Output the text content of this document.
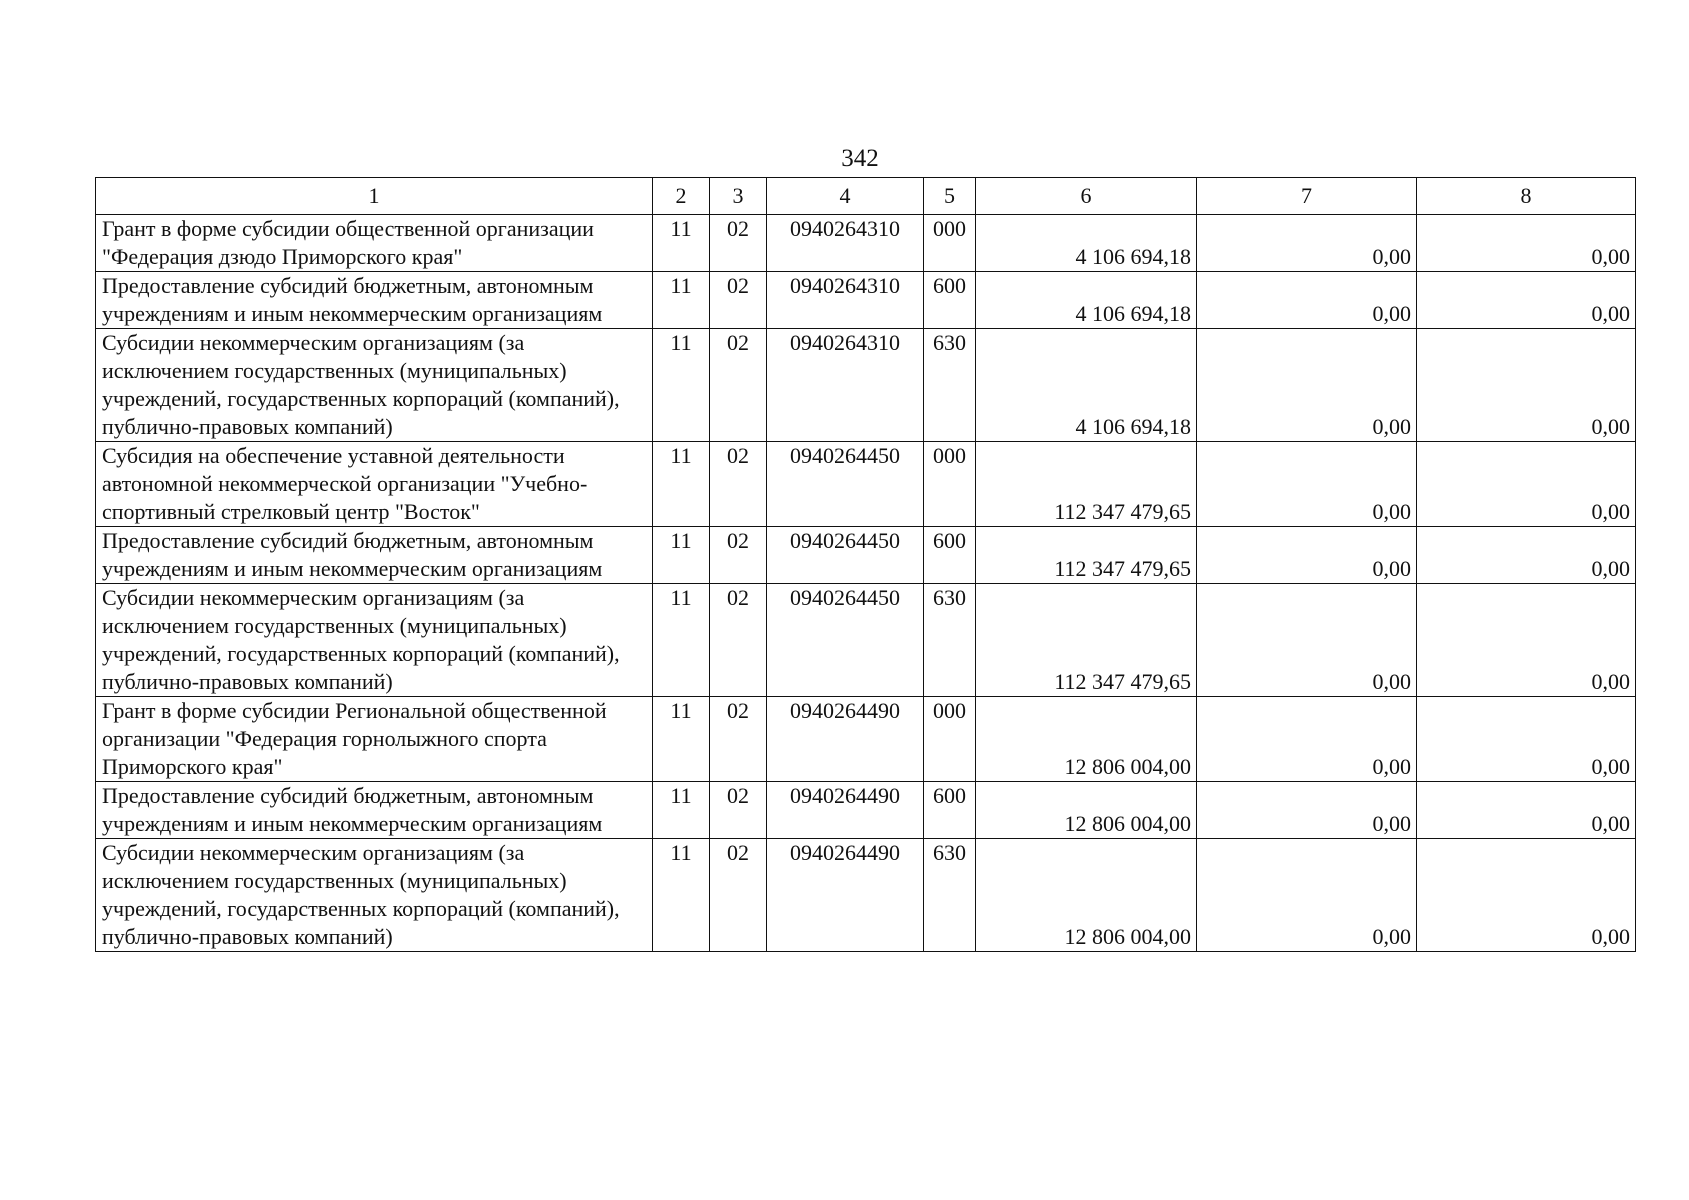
342
1	2	3	4	5	6	7	8
Грант в форме субсидии общественной организации "Федерация дзюдо Приморского края"	11	02	0940264310	000	4 106 694,18	0,00	0,00
Предоставление субсидий бюджетным, автономным учреждениям и иным некоммерческим организациям	11	02	0940264310	600	4 106 694,18	0,00	0,00
Субсидии некоммерческим организациям (за исключением государственных (муниципальных) учреждений, государственных корпораций (компаний), публично-правовых компаний)	11	02	0940264310	630	4 106 694,18	0,00	0,00
Субсидия на обеспечение уставной деятельности автономной некоммерческой организации "Учебно-спортивный стрелковый центр "Восток"	11	02	0940264450	000	112 347 479,65	0,00	0,00
Предоставление субсидий бюджетным, автономным учреждениям и иным некоммерческим организациям	11	02	0940264450	600	112 347 479,65	0,00	0,00
Субсидии некоммерческим организациям (за исключением государственных (муниципальных) учреждений, государственных корпораций (компаний), публично-правовых компаний)	11	02	0940264450	630	112 347 479,65	0,00	0,00
Грант в форме субсидии Региональной общественной организации "Федерация горнолыжного спорта Приморского края"	11	02	0940264490	000	12 806 004,00	0,00	0,00
Предоставление субсидий бюджетным, автономным учреждениям и иным некоммерческим организациям	11	02	0940264490	600	12 806 004,00	0,00	0,00
Субсидии некоммерческим организациям (за исключением государственных (муниципальных) учреждений, государственных корпораций (компаний), публично-правовых компаний)	11	02	0940264490	630	12 806 004,00	0,00	0,00
